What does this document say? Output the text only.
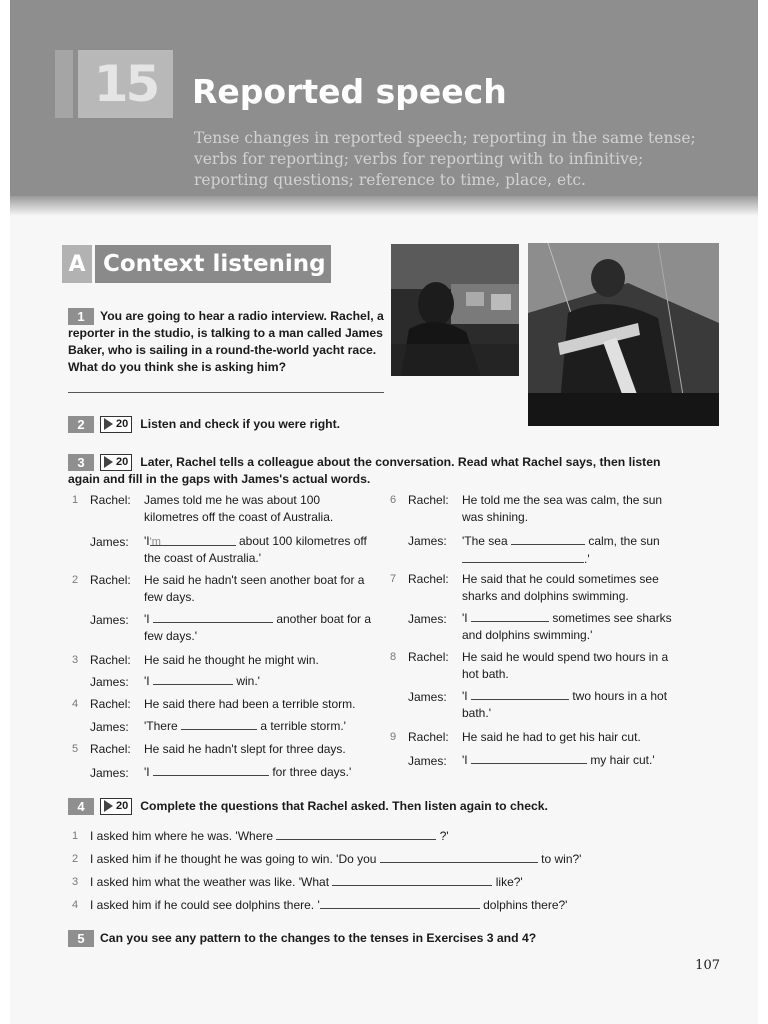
15	Reported speech
Tense changes in reported speech; reporting in the same tense; verbs for reporting; verbs for reporting with to infinitive; reporting questions; reference to time, place, etc.
A Context listening
1 You are going to hear a radio interview. Rachel, a reporter in the studio, is talking to a man called James Baker, who is sailing in a round-the-world yacht race. What do you think she is asking him?
2	20 Listen and check if you were right.
3	20 Later, Rachel tells a colleague about the conversation. Read what Rachel says, then listen again and fill in the gaps with James's actual words.
1 Rachel: James told me he was about 100 kilometres off the coast of Australia.
James: 'I'm	about 100 kilometres off the coast of Australia.'
2 Rachel: He said he hadn't seen another boat for a few days.
James: 'I	another boat for a few days.'
3 Rachel: He said he thought he might win.
James: 'I	win.'
4 Rachel: He said there had been a terrible storm.
James: 'There	a terrible storm.'
5 Rachel: He said he hadn't slept for three days.
James: 'I	for three days.'
6 Rachel: He told me the sea was calm, the sun was shining.
James: 'The sea	calm, the sun
.'
7 Rachel: He said that he could sometimes see sharks and dolphins swimming.
James: 'I	sometimes see sharks and dolphins swimming.'
8 Rachel: He said he would spend two hours in a hot bath.
James: 'I	two hours in a hot bath.'
9 Rachel: He said he had to get his hair cut.
James: 'I	my hair cut.'
4	20 Complete the questions that Rachel asked. Then listen again to check.
1 I asked him where he was. 'Where	?'
2 I asked him if he thought he was going to win. 'Do you	to win?'
3 I asked him what the weather was like. 'What	like?'
4 I asked him if he could see dolphins there. '	dolphins there?'
5 Can you see any pattern to the changes to the tenses in Exercises 3 and 4?
107
